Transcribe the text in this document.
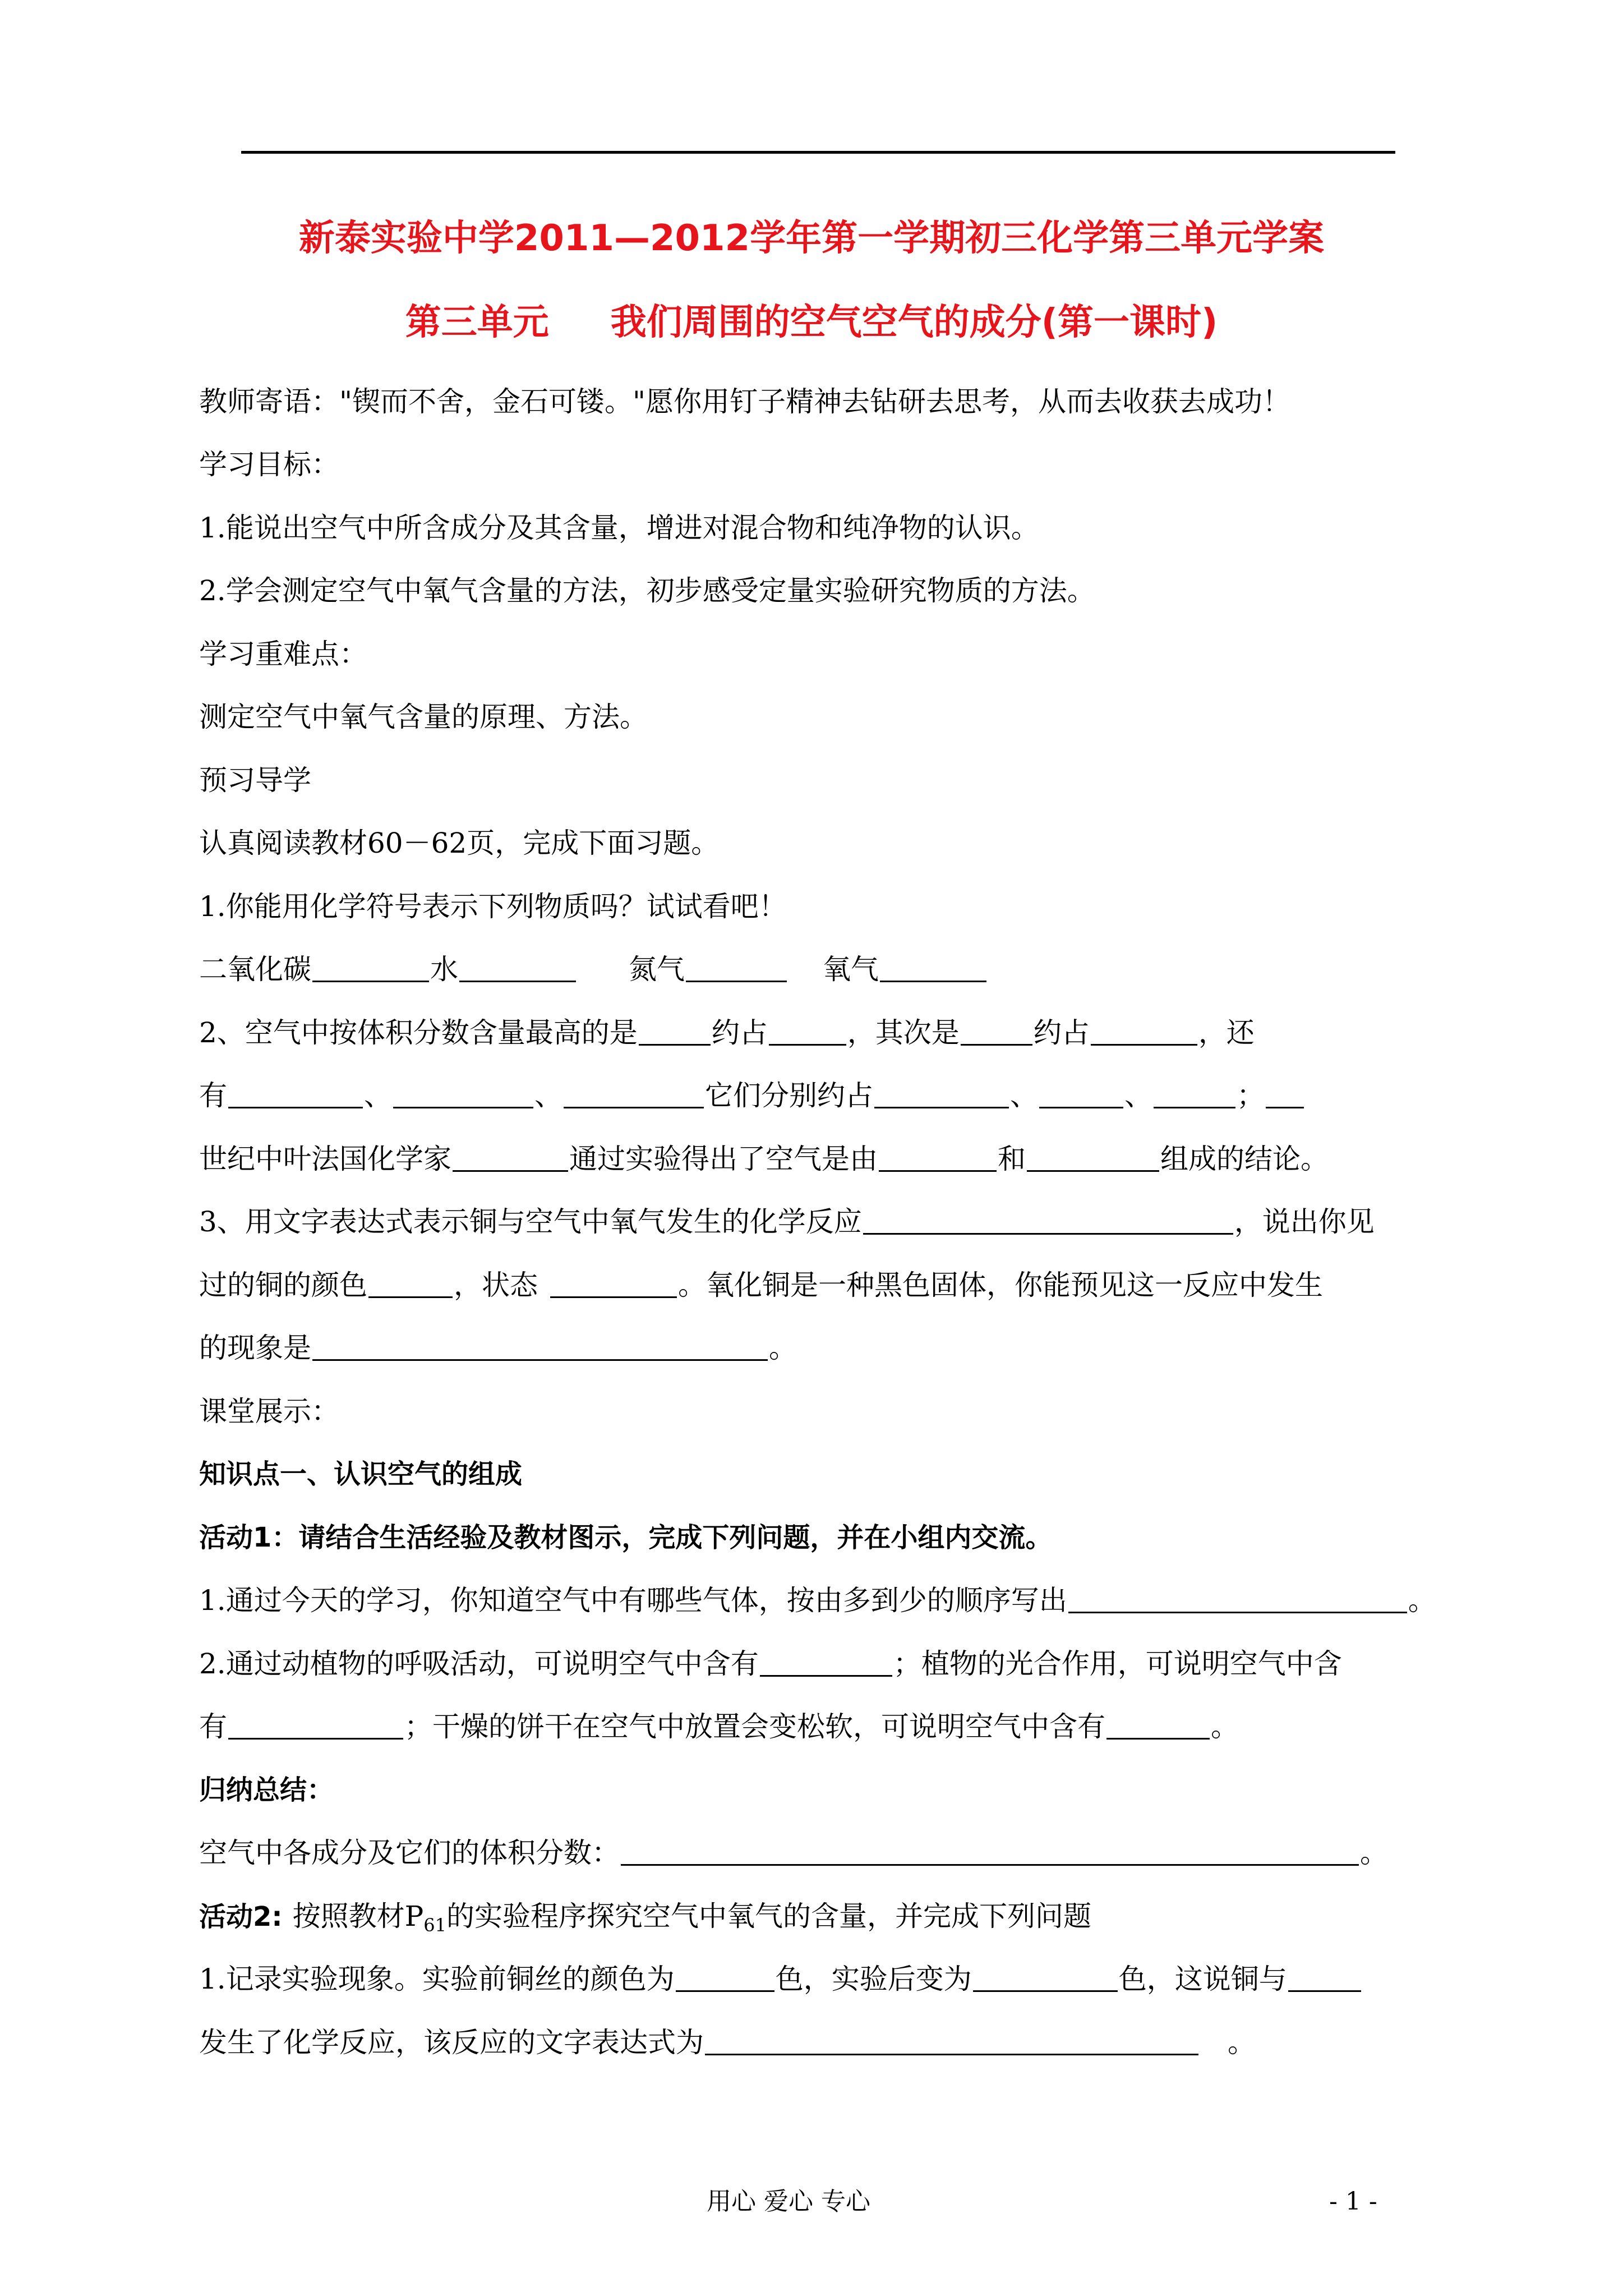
新泰实验中学2011—2012学年第一学期初三化学第三单元学案
第三单元 我们周围的空气空气的成分(第一课时)
教师寄语："锲而不舍，金石可镂。"愿你用钉子精神去钻研去思考，从而去收获去成功！
学习目标：
1.能说出空气中所含成分及其含量，增进对混合物和纯净物的认识。
2.学会测定空气中氧气含量的方法，初步感受定量实验研究物质的方法。
学习重难点：
测定空气中氧气含量的原理、方法。
预习导学
认真阅读教材60－62页，完成下面习题。
1.你能用化学符号表示下列物质吗？试试看吧！
二氧化碳	水	氮气	氧气
2、空气中按体积分数含量最高的是	约占	，其次是	约占	，还
有	、	、	它们分别约占	、	、	；
世纪中叶法国化学家	通过实验得出了空气是由	和	组成的结论。
3、用文字表达式表示铜与空气中氧气发生的化学反应	，说出你见
过的铜的颜色	，状态	。氧化铜是一种黑色固体，你能预见这一反应中发生
的现象是	。
课堂展示：
知识点一、认识空气的组成
活动1：请结合生活经验及教材图示，完成下列问题，并在小组内交流。
1.通过今天的学习，你知道空气中有哪些气体，按由多到少的顺序写出	。
2.通过动植物的呼吸活动，可说明空气中含有	；植物的光合作用，可说明空气中含
有	；干燥的饼干在空气中放置会变松软，可说明空气中含有	。
归纳总结：
空气中各成分及它们的体积分数：	。
活动2: 按照教材$P_{61}$的实验程序探究空气中氧气的含量，并完成下列问题
1.记录实验现象。实验前铜丝的颜色为	色，实验后变为	色，这说铜与
发生了化学反应，该反应的文字表达式为	。
用心 爱心 专心	- 1 -
